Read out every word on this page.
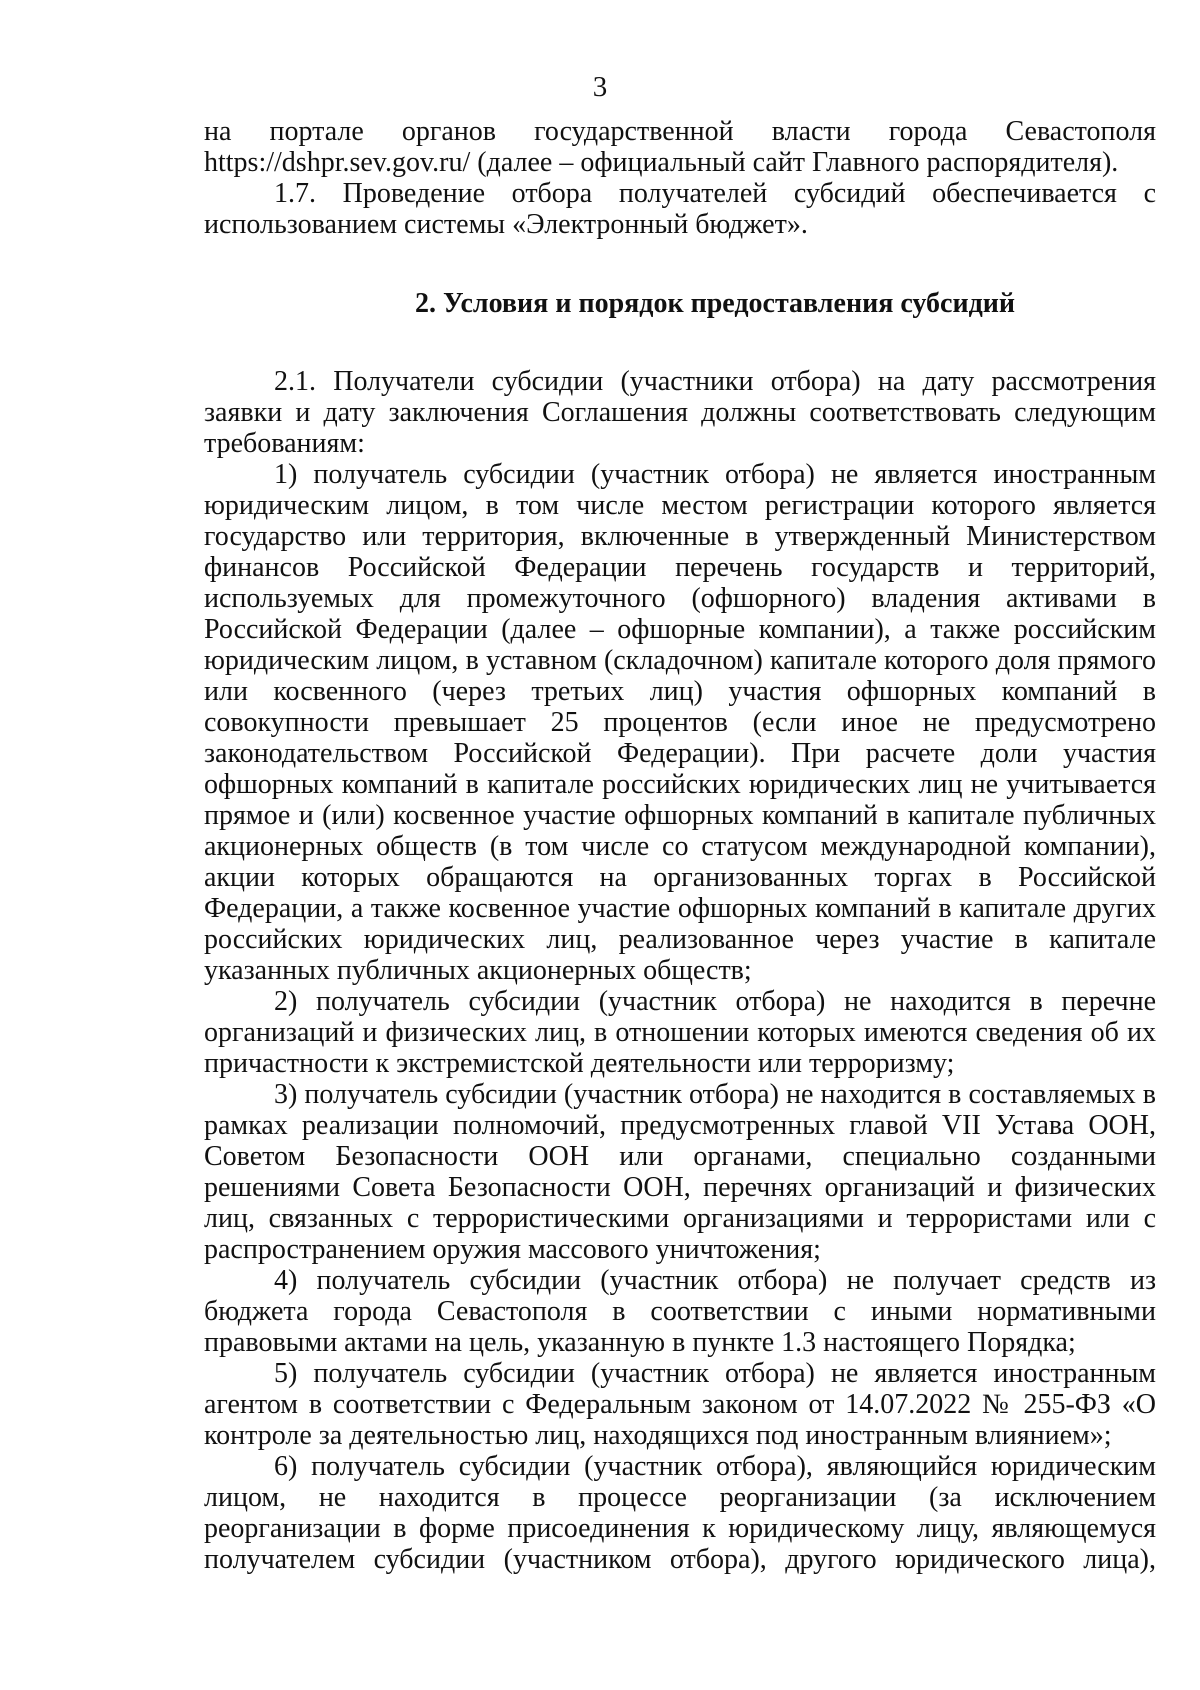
3

на портале органов государственной власти города Севастополя https://dshpr.sev.gov.ru/ (далее – официальный сайт Главного распорядителя).

1.7. Проведение отбора получателей субсидий обеспечивается с использованием системы «Электронный бюджет».

2. Условия и порядок предоставления субсидий

2.1. Получатели субсидии (участники отбора) на дату рассмотрения заявки и дату заключения Соглашения должны соответствовать следующим требованиям:

1) получатель субсидии (участник отбора) не является иностранным юридическим лицом, в том числе местом регистрации которого является государство или территория, включенные в утвержденный Министерством финансов Российской Федерации перечень государств и территорий, используемых для промежуточного (офшорного) владения активами в Российской Федерации (далее – офшорные компании), а также российским юридическим лицом, в уставном (складочном) капитале которого доля прямого или косвенного (через третьих лиц) участия офшорных компаний в совокупности превышает 25 процентов (если иное не предусмотрено законодательством Российской Федерации). При расчете доли участия офшорных компаний в капитале российских юридических лиц не учитывается прямое и (или) косвенное участие офшорных компаний в капитале публичных акционерных обществ (в том числе со статусом международной компании), акции которых обращаются на организованных торгах в Российской Федерации, а также косвенное участие офшорных компаний в капитале других российских юридических лиц, реализованное через участие в капитале указанных публичных акционерных обществ;

2) получатель субсидии (участник отбора) не находится в перечне организаций и физических лиц, в отношении которых имеются сведения об их причастности к экстремистской деятельности или терроризму;

3) получатель субсидии (участник отбора) не находится в составляемых в рамках реализации полномочий, предусмотренных главой VII Устава ООН, Советом Безопасности ООН или органами, специально созданными решениями Совета Безопасности ООН, перечнях организаций и физических лиц, связанных с террористическими организациями и террористами или с распространением оружия массового уничтожения;

4) получатель субсидии (участник отбора) не получает средств из бюджета города Севастополя в соответствии с иными нормативными правовыми актами на цель, указанную в пункте 1.3 настоящего Порядка;

5) получатель субсидии (участник отбора) не является иностранным агентом в соответствии с Федеральным законом от 14.07.2022 № 255-ФЗ «О контроле за деятельностью лиц, находящихся под иностранным влиянием»;

6) получатель субсидии (участник отбора), являющийся юридическим лицом, не находится в процессе реорганизации (за исключением реорганизации в форме присоединения к юридическому лицу, являющемуся получателем субсидии (участником отбора), другого юридического лица),
